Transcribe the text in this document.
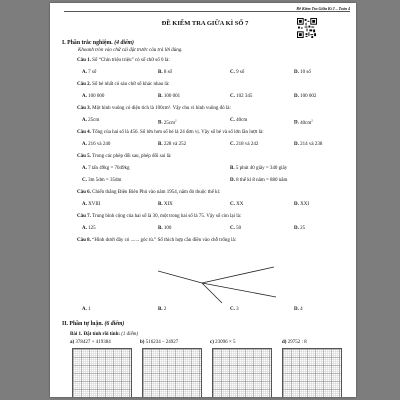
Đề Kiểm Tra Giữa Kì 2 – Toán 4
ĐỀ KIỂM TRA GIỮA KÌ SỐ 7
I. Phần trắc nghiệm. (4 điểm)
Khoanh tròn vào chữ cái đặt trước câu trả lời đúng.
Câu 1. Số “Chín triệu triệu” có số chữ số 0 là:
A. 7 số	B. 8 số	C. 9 số	D. 10 số
Câu 2. Số bé nhất có sáu chữ số khác nhau là:
A. 100 000	B. 100 001	C. 102 345	D. 100 002
Câu 3. Một hình vuông có diện tích là 100cm². Vậy chu vi hình vuông đó là:
A. 25cm
B. $25cm^2$	C. 40cm
D. $40cm^2$
Câu 4. Tổng của hai số là 456. Số lớn hơn số bé là 24 đơn vị. Vậy số bé và số lớn lần lượt là:
A. 216 và 240	B. 228 và 252	C. 218 và 242	D. 214 và 238
Câu 5. Trong các phép đổi sau, phép đổi sai là:
A. 7 tấn 49kg = 7049kg	B. 5 phút 40 giây = 340 giây
C. 3m 5dm = 35dm	D. 8 thế kỉ 8 năm = 880 năm
Câu 6. Chiến thắng Điện Biên Phủ vào năm 1954, năm đó thuộc thế kỉ:
A. XVIII	B. XIX	C. XX	D. XXI
Câu 7. Trung bình cộng của hai số là 30, một trong hai số là 75. Vậy số còn lại là:
A. 125	B. 100	C. 50	D. 25
Câu 8. “Hình dưới đây có ....... góc tù.” Số thích hợp cần điền vào chỗ trống là:
A. 1	B. 2	C. 3	D. 4
II. Phần tự luận. (6 điểm)
Bài 1. Đặt tính rồi tính: (1 điểm)
a) 378427 + 419384	b) 516234 – 24927	c) 23096 × 5	d) 29752 : 8
